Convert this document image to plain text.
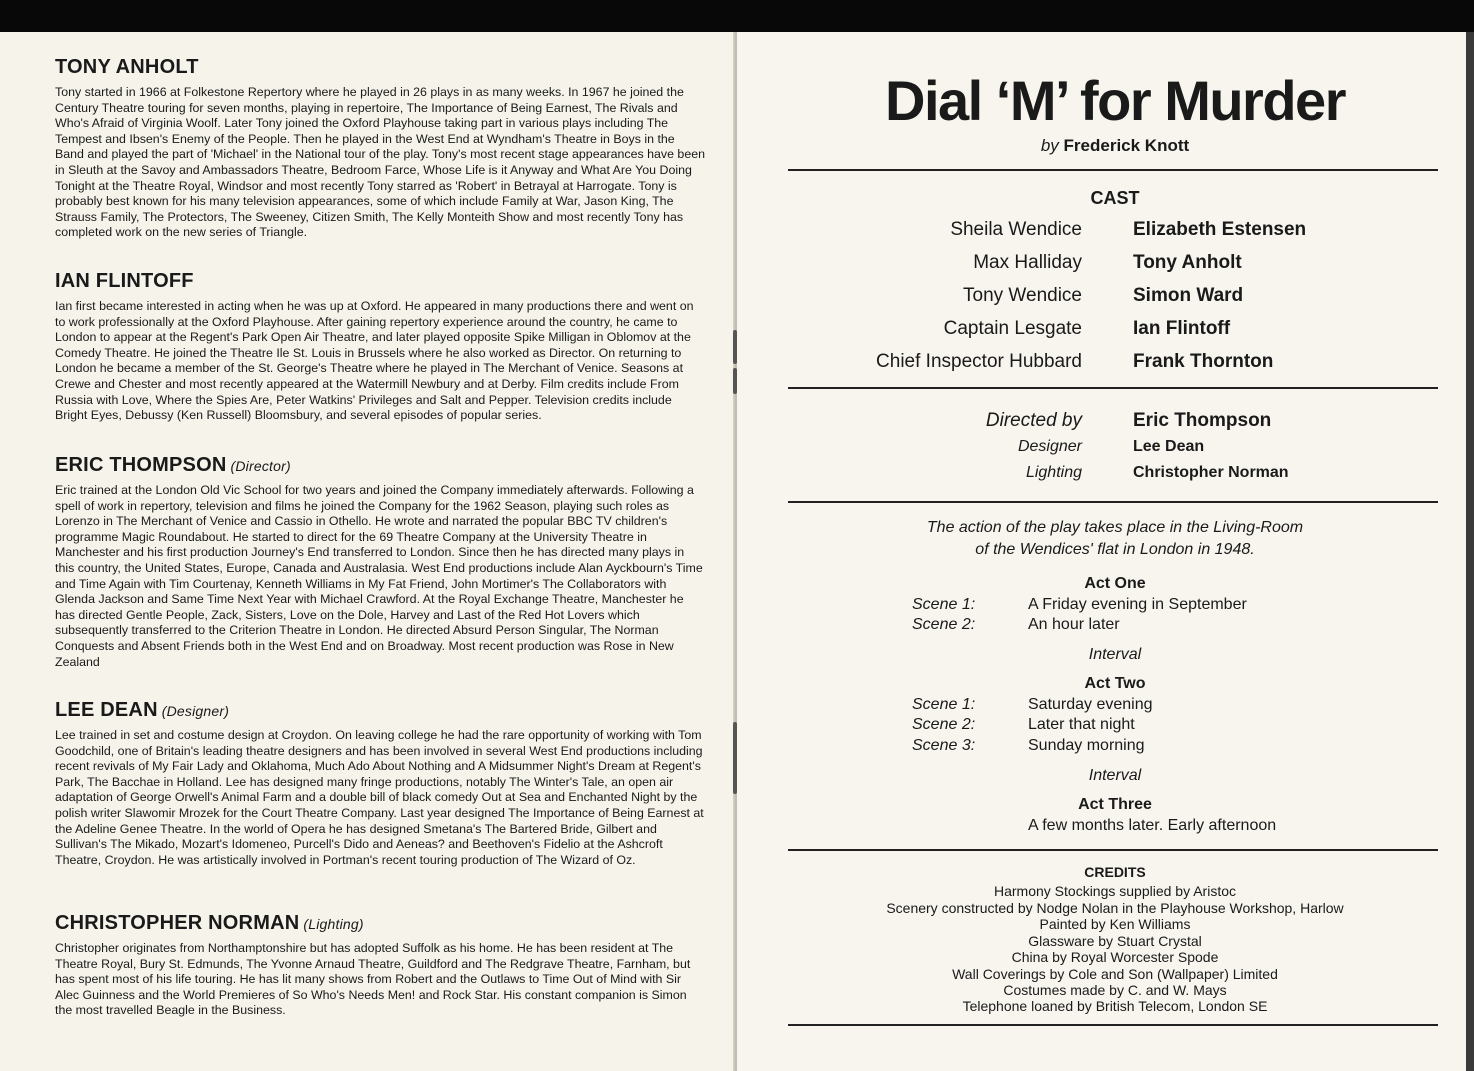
TONY ANHOLT

Tony started in 1966 at Folkestone Repertory where he played in 26 plays in as many weeks. In 1967 he joined the Century Theatre touring for seven months, playing in repertoire, The Importance of Being Earnest, The Rivals and Who's Afraid of Virginia Woolf. Later Tony joined the Oxford Playhouse taking part in various plays including The Tempest and Ibsen's Enemy of the People. Then he played in the West End at Wyndham's Theatre in Boys in the Band and played the part of 'Michael' in the National tour of the play. Tony's most recent stage appearances have been in Sleuth at the Savoy and Ambassadors Theatre, Bedroom Farce, Whose Life is it Anyway and What Are You Doing Tonight at the Theatre Royal, Windsor and most recently Tony starred as 'Robert' in Betrayal at Harrogate. Tony is probably best known for his many television appearances, some of which include Family at War, Jason King, The Strauss Family, The Protectors, The Sweeney, Citizen Smith, The Kelly Monteith Show and most recently Tony has completed work on the new series of Triangle.

IAN FLINTOFF

Ian first became interested in acting when he was up at Oxford. He appeared in many productions there and went on to work professionally at the Oxford Playhouse. After gaining repertory experience around the country, he came to London to appear at the Regent's Park Open Air Theatre, and later played opposite Spike Milligan in Oblomov at the Comedy Theatre. He joined the Theatre Ile St. Louis in Brussels where he also worked as Director. On returning to London he became a member of the St. George's Theatre where he played in The Merchant of Venice. Seasons at Crewe and Chester and most recently appeared at the Watermill Newbury and at Derby. Film credits include From Russia with Love, Where the Spies Are, Peter Watkins' Privileges and Salt and Pepper. Television credits include Bright Eyes, Debussy (Ken Russell) Bloomsbury, and several episodes of popular series.

ERIC THOMPSON (Director)

Eric trained at the London Old Vic School for two years and joined the Company immediately afterwards. Following a spell of work in repertory, television and films he joined the Company for the 1962 Season, playing such roles as Lorenzo in The Merchant of Venice and Cassio in Othello. He wrote and narrated the popular BBC TV children's programme Magic Roundabout. He started to direct for the 69 Theatre Company at the University Theatre in Manchester and his first production Journey's End transferred to London. Since then he has directed many plays in this country, the United States, Europe, Canada and Australasia. West End productions include Alan Ayckbourn's Time and Time Again with Tim Courtenay, Kenneth Williams in My Fat Friend, John Mortimer's The Collaborators with Glenda Jackson and Same Time Next Year with Michael Crawford. At the Royal Exchange Theatre, Manchester he has directed Gentle People, Zack, Sisters, Love on the Dole, Harvey and Last of the Red Hot Lovers which subsequently transferred to the Criterion Theatre in London. He directed Absurd Person Singular, The Norman Conquests and Absent Friends both in the West End and on Broadway. Most recent production was Rose in New Zealand

LEE DEAN (Designer)

Lee trained in set and costume design at Croydon. On leaving college he had the rare opportunity of working with Tom Goodchild, one of Britain's leading theatre designers and has been involved in several West End productions including recent revivals of My Fair Lady and Oklahoma, Much Ado About Nothing and A Midsummer Night's Dream at Regent's Park, The Bacchae in Holland. Lee has designed many fringe productions, notably The Winter's Tale, an open air adaptation of George Orwell's Animal Farm and a double bill of black comedy Out at Sea and Enchanted Night by the polish writer Slawomir Mrozek for the Court Theatre Company. Last year designed The Importance of Being Earnest at the Adeline Genee Theatre. In the world of Opera he has designed Smetana's The Bartered Bride, Gilbert and Sullivan's The Mikado, Mozart's Idomeneo, Purcell's Dido and Aeneas? and Beethoven's Fidelio at the Ashcroft Theatre, Croydon. He was artistically involved in Portman's recent touring production of The Wizard of Oz.

CHRISTOPHER NORMAN (Lighting)

Christopher originates from Northamptonshire but has adopted Suffolk as his home. He has been resident at The Theatre Royal, Bury St. Edmunds, The Yvonne Arnaud Theatre, Guildford and The Redgrave Theatre, Farnham, but has spent most of his life touring. He has lit many shows from Robert and the Outlaws to Time Out of Mind with Sir Alec Guinness and the World Premieres of So Who's Needs Men! and Rock Star. His constant companion is Simon the most travelled Beagle in the Business.

Dial ‘M’ for Murder
by Frederick Knott
CAST
Sheila Wendice	Elizabeth Estensen
Max Halliday	Tony Anholt
Tony Wendice	Simon Ward
Captain Lesgate	Ian Flintoff
Chief Inspector Hubbard	Frank Thornton
Directed by	Eric Thompson
Designer	Lee Dean
Lighting	Christopher Norman
The action of the play takes place in the Living-Room
of the Wendices' flat in London in 1948.
Act One
Scene 1:	A Friday evening in September
Scene 2:	An hour later
Interval
Act Two
Scene 1:	Saturday evening
Scene 2:	Later that night
Scene 3:	Sunday morning
Interval
Act Three
A few months later. Early afternoon
CREDITS
Harmony Stockings supplied by Aristoc
Scenery constructed by Nodge Nolan in the Playhouse Workshop, Harlow
Painted by Ken Williams
Glassware by Stuart Crystal
China by Royal Worcester Spode
Wall Coverings by Cole and Son (Wallpaper) Limited
Costumes made by C. and W. Mays
Telephone loaned by British Telecom, London SE
